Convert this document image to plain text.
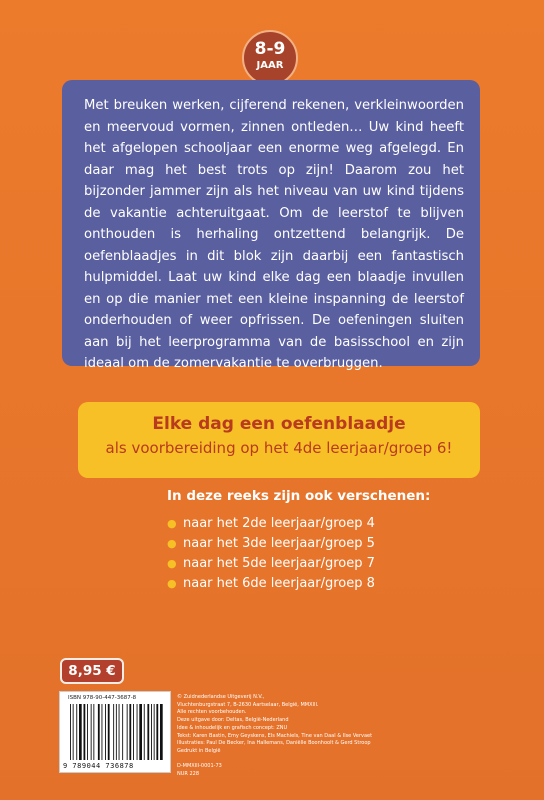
8-9
JAAR

Met breuken werken, cijferend rekenen, verkleinwoorden en meervoud vormen, zinnen ontleden… Uw kind heeft het afgelopen schooljaar een enorme weg afgelegd. En daar mag het best trots op zijn! Daarom zou het bijzonder jammer zijn als het niveau van uw kind tijdens de vakantie achteruitgaat. Om de leerstof te blijven onthouden is herhaling ontzettend belangrijk. De oefenblaadjes in dit blok zijn daarbij een fantastisch hulpmiddel. Laat uw kind elke dag een blaadje invullen en op die manier met een kleine inspanning de leerstof onderhouden of weer opfrissen. De oefeningen sluiten aan bij het leerprogramma van de basisschool en zijn ideaal om de zomervakantie te overbruggen.

Elke dag een oefenblaadje
als voorbereiding op het 4de leerjaar/groep 6!

In deze reeks zijn ook verschenen:

● naar het 2de leerjaar/groep 4
● naar het 3de leerjaar/groep 5
● naar het 5de leerjaar/groep 7
● naar het 6de leerjaar/groep 8
8,95 €
ISBN 978-90-447-3687-8
9 789044 736878
© Zuidnederlandse Uitgeverij N.V.,
Vluchtenburgstraat 7, B-2630 Aartselaar, België, MMXIII.
Alle rechten voorbehouden.
Deze uitgave door: Deltas, België-Nederland
Idee & inhoudelijk en grafisch concept: ZNU
Tekst: Karen Bastin, Emy Geyskens, Els Machiels, Tine van Daal & Ilse Vervaet
Illustraties: Paul De Becker, Ina Hallemans, Daniëlle Boonhoolt & Gerd Stroop
Gedrukt in België

D-MMXIII-0001-73
NUR 228
